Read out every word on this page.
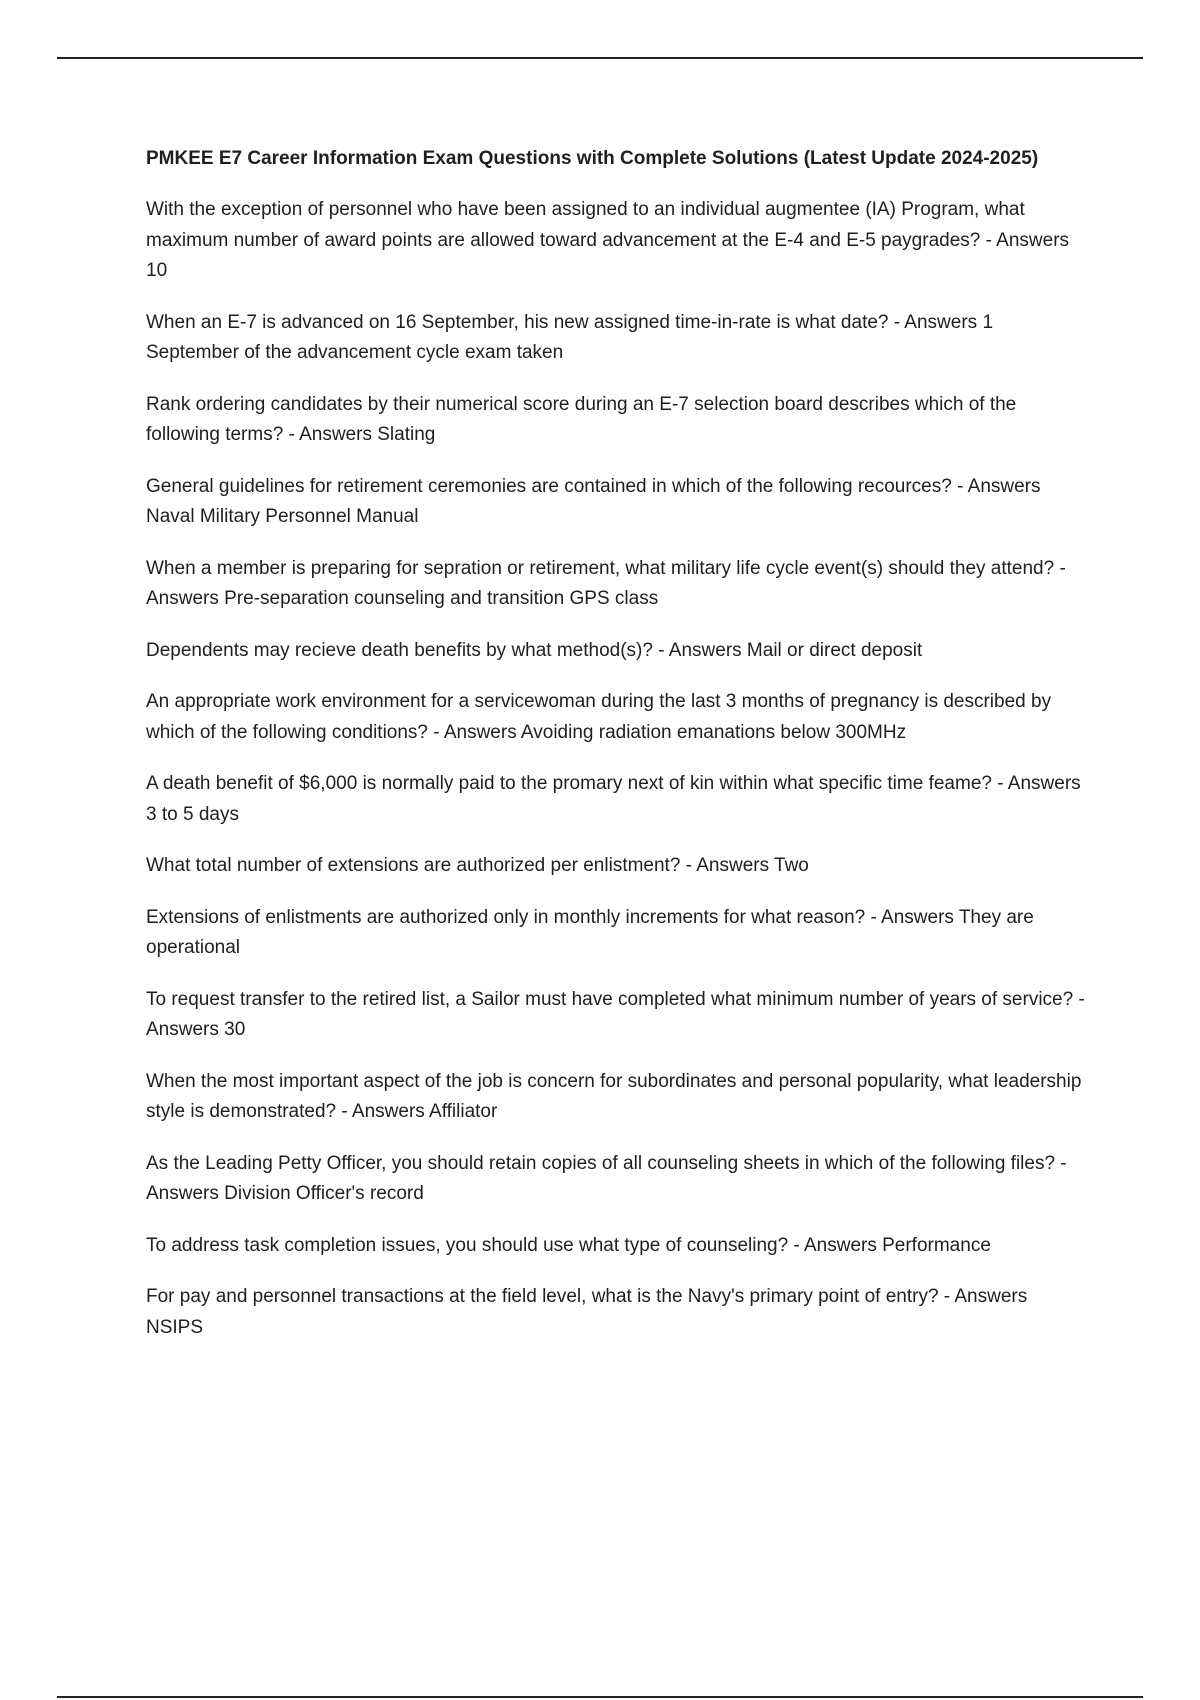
PMKEE E7 Career Information Exam Questions with Complete Solutions (Latest Update 2024-2025)

With the exception of personnel who have been assigned to an individual augmentee (IA) Program, what maximum number of award points are allowed toward advancement at the E-4 and E-5 paygrades? - Answers 10

When an E-7 is advanced on 16 September, his new assigned time-in-rate is what date? - Answers 1 September of the advancement cycle exam taken

Rank ordering candidates by their numerical score during an E-7 selection board describes which of the following terms? - Answers Slating

General guidelines for retirement ceremonies are contained in which of the following recources? - Answers Naval Military Personnel Manual

When a member is preparing for sepration or retirement, what military life cycle event(s) should they attend? - Answers Pre-separation counseling and transition GPS class

Dependents may recieve death benefits by what method(s)? - Answers Mail or direct deposit

An appropriate work environment for a servicewoman during the last 3 months of pregnancy is described by which of the following conditions? - Answers Avoiding radiation emanations below 300MHz

A death benefit of $6,000 is normally paid to the promary next of kin within what specific time feame? - Answers 3 to 5 days

What total number of extensions are authorized per enlistment? - Answers Two

Extensions of enlistments are authorized only in monthly increments for what reason? - Answers They are operational

To request transfer to the retired list, a Sailor must have completed what minimum number of years of service? - Answers 30

When the most important aspect of the job is concern for subordinates and personal popularity, what leadership style is demonstrated? - Answers Affiliator

As the Leading Petty Officer, you should retain copies of all counseling sheets in which of the following files? - Answers Division Officer's record

To address task completion issues, you should use what type of counseling? - Answers Performance

For pay and personnel transactions at the field level, what is the Navy's primary point of entry? - Answers NSIPS
